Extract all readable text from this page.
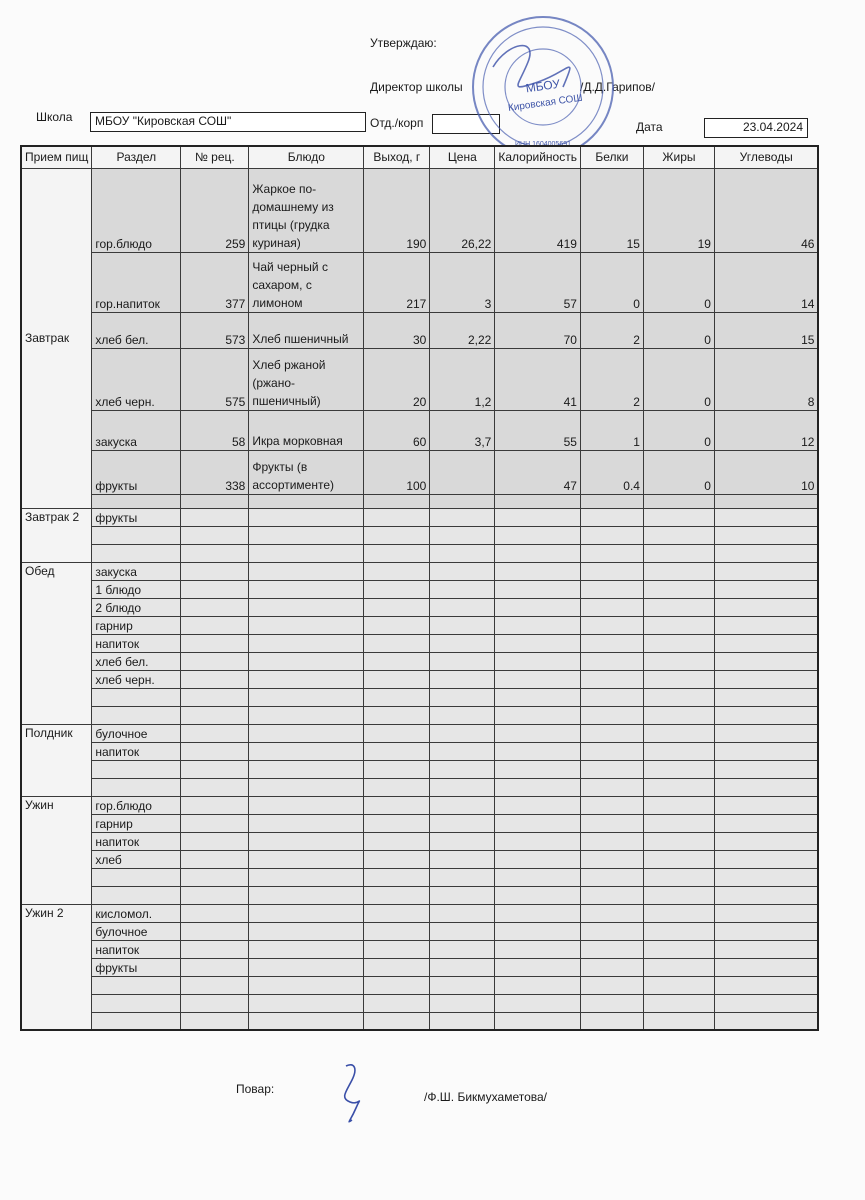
Утверждаю:
Директор школы	/Д.Д.Гарипов/
Школа	МБОУ "Кировская СОШ"	Отд./корп	Дата	23.04.2024
МБОУ
Кировская СОШ
Прием пищ	Раздел	№ рец.	Блюдо	Выход, г	Цена	Калорийность	Белки	Жиры	Углеводы
Завтрак	гор.блюдо	259	Жаркое по-домашнему из птицы (грудка куриная)	190	26,22	419	15	19	46
	гор.напиток	377	Чай черный с сахаром, с лимоном	217	3	57	0	0	14
	хлеб бел.	573	Хлеб пшеничный	30	2,22	70	2	0	15
	хлеб черн.	575	Хлеб ржаной (ржано-пшеничный)	20	1,2	41	2	0	8
	закуска	58	Икра морковная	60	3,7	55	1	0	12
	фрукты	338	Фрукты (в ассортименте)	100		47	0.4	0	10

Завтрак 2	фрукты								

Обед	закуска								
	1 блюдо								
	2 блюдо								
	гарнир								
	напиток								
	хлеб бел.								
	хлеб черн.								

Полдник	булочное								
	напиток								

Ужин	гор.блюдо								
	гарнир								
	напиток								
	хлеб								

Ужин 2	кисломол.								
	булочное								
	напиток								
	фрукты								

Повар:
/Ф.Ш. Бикмухаметова/
